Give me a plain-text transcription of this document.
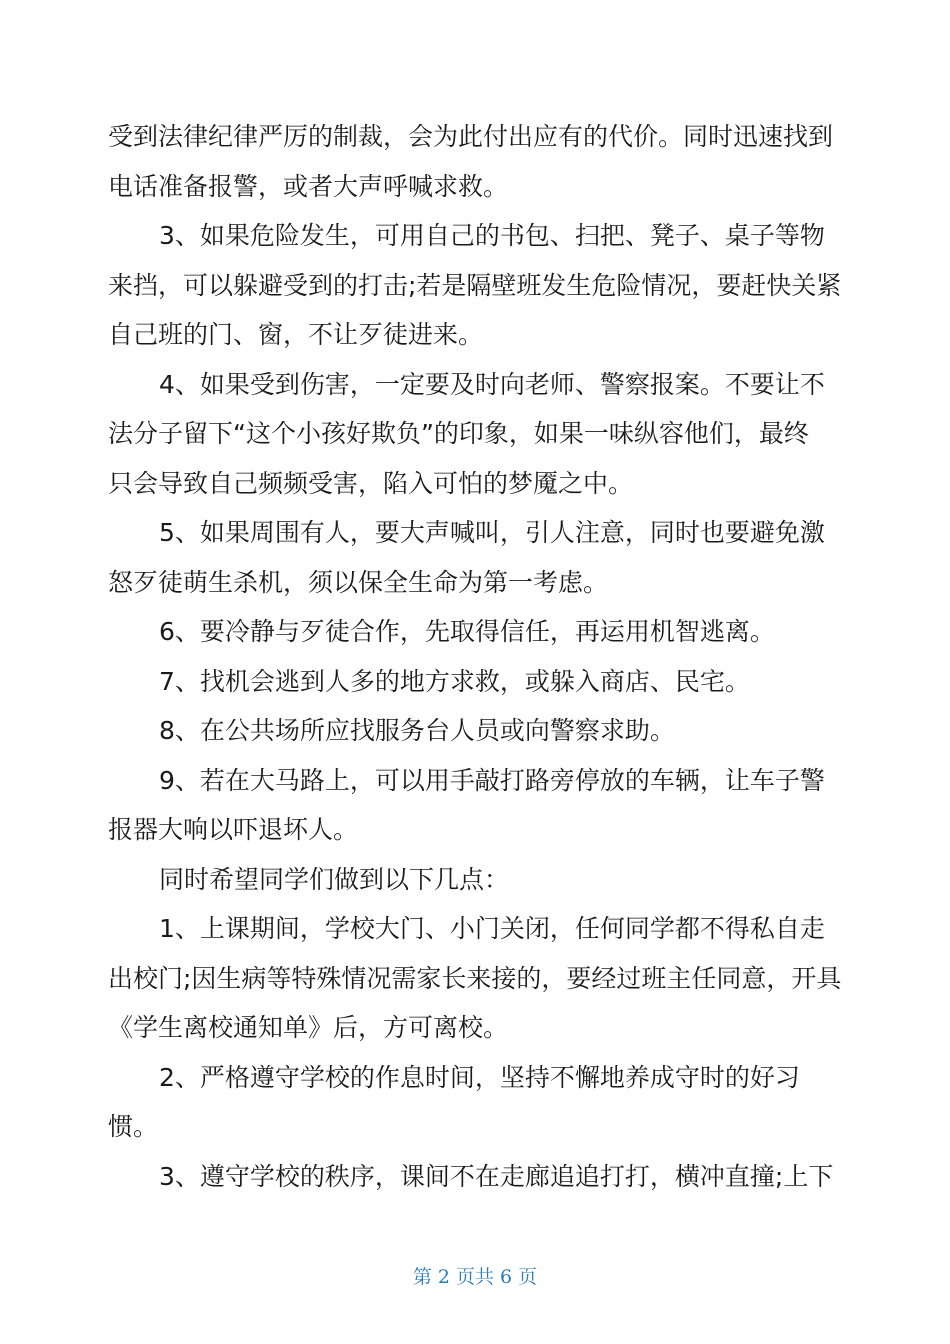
受到法律纪律严厉的制裁，会为此付出应有的代价。同时迅速找到
电话准备报警，或者大声呼喊求救。

3、如果危险发生，可用自己的书包、扫把、凳子、桌子等物
来挡，可以躲避受到的打击;若是隔壁班发生危险情况，要赶快关紧
自己班的门、窗，不让歹徒进来。

4、如果受到伤害，一定要及时向老师、警察报案。不要让不
法分子留下“这个小孩好欺负”的印象，如果一味纵容他们，最终
只会导致自己频频受害，陷入可怕的梦魇之中。

5、如果周围有人，要大声喊叫，引人注意，同时也要避免激
怒歹徒萌生杀机，须以保全生命为第一考虑。

6、要冷静与歹徒合作，先取得信任，再运用机智逃离。

7、找机会逃到人多的地方求救，或躲入商店、民宅。

8、在公共场所应找服务台人员或向警察求助。

9、若在大马路上，可以用手敲打路旁停放的车辆，让车子警
报器大响以吓退坏人。

同时希望同学们做到以下几点：

1、上课期间，学校大门、小门关闭，任何同学都不得私自走
出校门;因生病等特殊情况需家长来接的，要经过班主任同意，开具
《学生离校通知单》后，方可离校。

2、严格遵守学校的作息时间，坚持不懈地养成守时的好习
惯。

3、遵守学校的秩序，课间不在走廊追追打打，横冲直撞;上下

第 2 页共 6 页
